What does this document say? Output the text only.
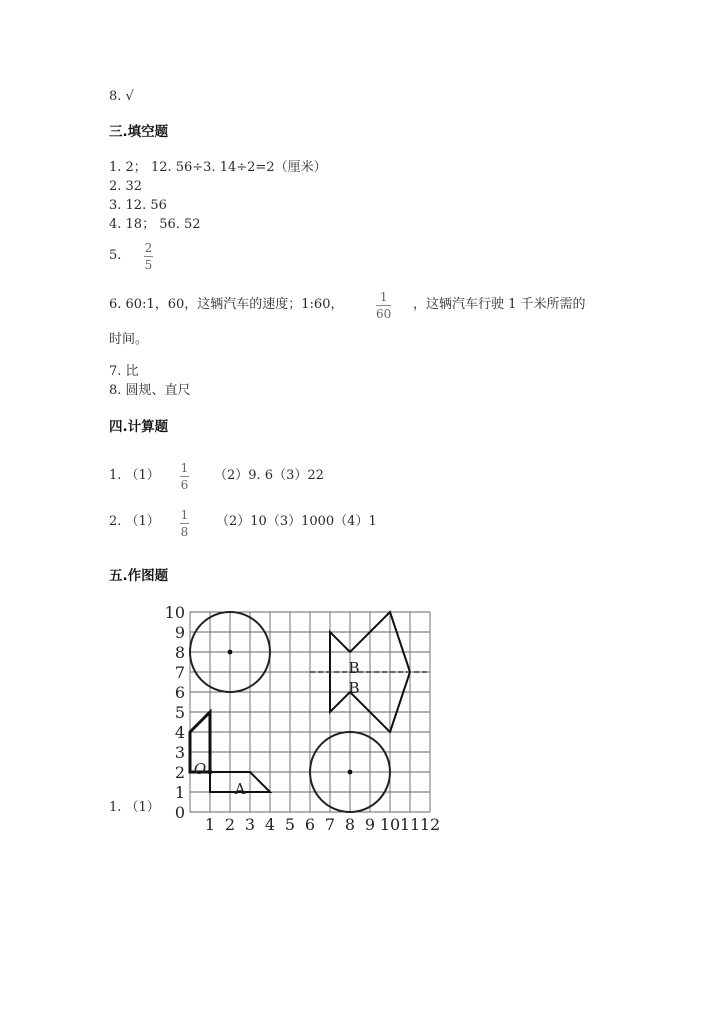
8. √
三.填空题
1. 2； 12. 56÷3. 14÷2=2（厘米）
2. 32
3. 12. 56
4. 18； 56. 52
5. 2
5
6. 60:1，60，这辆汽车的速度；1:60，	1
60
，这辆汽车行驶 1 千米所需的
时间。
7. 比
8. 圆规、直尺
四.计算题
1. （1） 1
6
（2）9. 6（3）22
2. （1） 1
8
（2）10（3）1000（4）1
五.作图题
1. （1） 0
1
2
3
4
5
6
7
8
9
10
1 2 3 4 5 6 7 8 9 10 11 12
A
B
B
O
